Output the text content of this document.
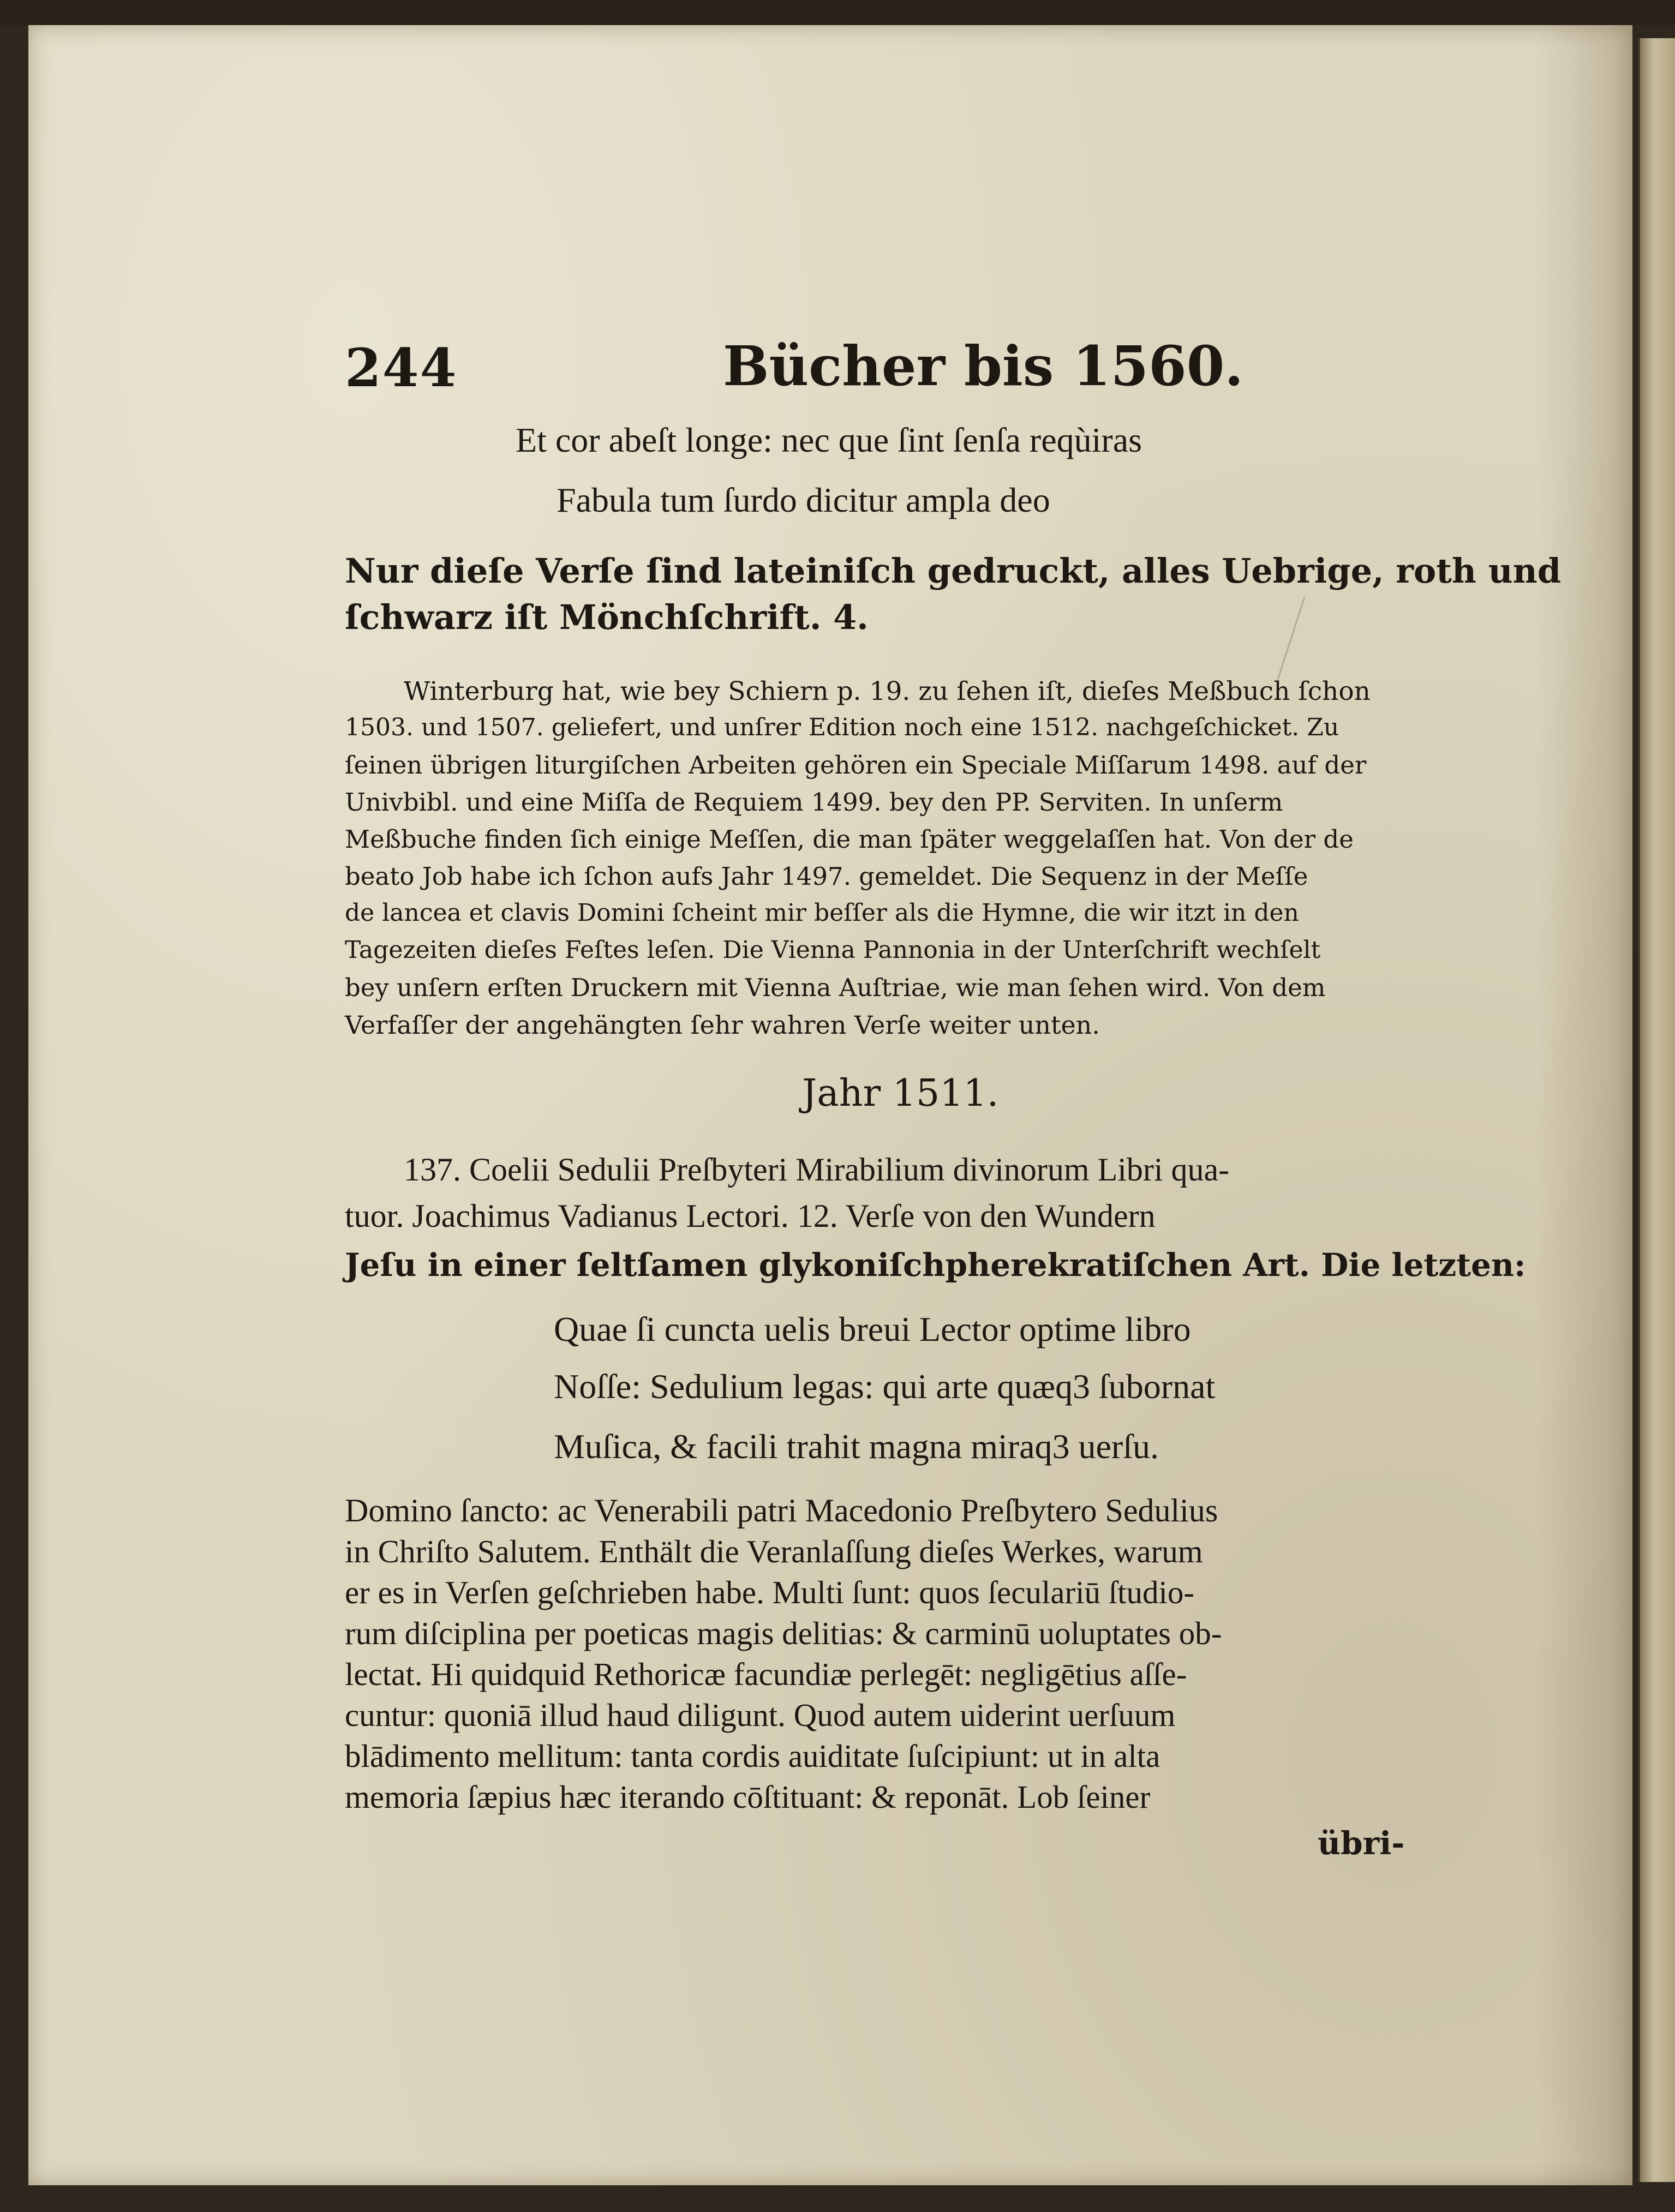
244	Bücher bis 1560.
Et cor abeſt longe: nec que ſint ſenſa reqùiras
Fabula tum ſurdo dicitur ampla deo
Nur dieſe Verſe ſind lateiniſch gedruckt, alles Uebrige, roth und
ſchwarz iſt Mönchſchrift. 4.
Winterburg hat, wie bey Schiern p. 19. zu ſehen iſt, dieſes Meßbuch ſchon
1503. und 1507. geliefert, und unſrer Edition noch eine 1512. nachgeſchicket. Zu
ſeinen übrigen liturgiſchen Arbeiten gehören ein Speciale Miſſarum 1498. auf der
Univbibl. und eine Miſſa de Requiem 1499. bey den PP. Serviten. In unſerm
Meßbuche finden ſich einige Meſſen, die man ſpäter weggelaſſen hat. Von der de
beato Job habe ich ſchon aufs Jahr 1497. gemeldet. Die Sequenz in der Meſſe
de lancea et clavis Domini ſcheint mir beſſer als die Hymne, die wir itzt in den
Tagezeiten dieſes Feſtes leſen. Die Vienna Pannonia in der Unterſchrift wechſelt
bey unſern erſten Druckern mit Vienna Auſtriae, wie man ſehen wird. Von dem
Verfaſſer der angehängten ſehr wahren Verſe weiter unten.
Jahr 1511.
137. Coelii Sedulii Preſbyteri Mirabilium divinorum Libri qua-
tuor. Joachimus Vadianus Lectori. 12. Verſe von den Wundern
Jeſu in einer ſeltſamen glykoniſchpherekratiſchen Art. Die letzten:
Quae ſi cuncta uelis breui Lector optime libro
Noſſe: Sedulium legas: qui arte quæq3 ſubornat
Muſica, & facili trahit magna miraq3 uerſu.
Domino ſancto: ac Venerabili patri Macedonio Preſbytero Sedulius
in Chriſto Salutem. Enthält die Veranlaſſung dieſes Werkes, warum
er es in Verſen geſchrieben habe. Multi ſunt: quos ſeculariū ſtudio-
rum diſciplina per poeticas magis delitias: & carminū uoluptates ob-
lectat. Hi quidquid Rethoricæ facundiæ perlegēt: negligētius aſſe-
cuntur: quoniā illud haud diligunt. Quod autem uiderint uerſuum
blādimento mellitum: tanta cordis auiditate ſuſcipiunt: ut in alta
memoria ſæpius hæc iterando cōſtituant: & reponāt. Lob ſeiner
übri-
